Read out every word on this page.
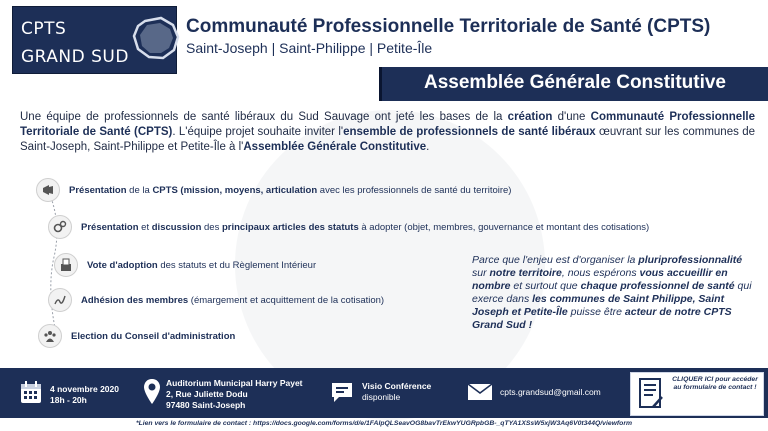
CPTS
GRAND SUD
Communauté Professionnelle Territoriale de Santé (CPTS)
Saint-Joseph | Saint-Philippe | Petite-Île
Assemblée Générale Constitutive
Une équipe de professionnels de santé libéraux du Sud Sauvage ont jeté les bases de la création d'une Communauté Professionnelle Territoriale de Santé (CPTS). L'équipe projet souhaite inviter l'ensemble de professionnels de santé libéraux œuvrant sur les communes de Saint-Joseph, Saint-Philippe et Petite-Île à l'Assemblée Générale Constitutive.
Présentation de la CPTS (mission, moyens, articulation avec les professionnels de santé du territoire)
Présentation et discussion des principaux articles des statuts à adopter (objet, membres, gouvernance et montant des cotisations)
Vote d'adoption des statuts et du Règlement Intérieur
Adhésion des membres (émargement et acquittement de la cotisation)
Election du Conseil d'administration
Parce que l'enjeu est d'organiser la pluriprofessionnalité sur notre territoire, nous espérons vous accueillir en nombre et surtout que chaque professionnel de santé qui exerce dans les communes de Saint Philippe, Saint Joseph et Petite-Île puisse être acteur de notre CPTS Grand Sud !
4 novembre 2020
18h - 20h
Auditorium Municipal Harry Payet
2, Rue Juliette Dodu
97480 Saint-Joseph
Visio Conférence
disponible	cpts.grandsud@gmail.com
CLIQUER ICI pour accéder au formulaire de contact !
*Lien vers le formulaire de contact : https://docs.google.com/forms/d/e/1FAIpQLSeavOG8bavTrEkwYUGRpbGB-_qTYA1XSsW5xjW3Aq6V0t344Q/viewform
